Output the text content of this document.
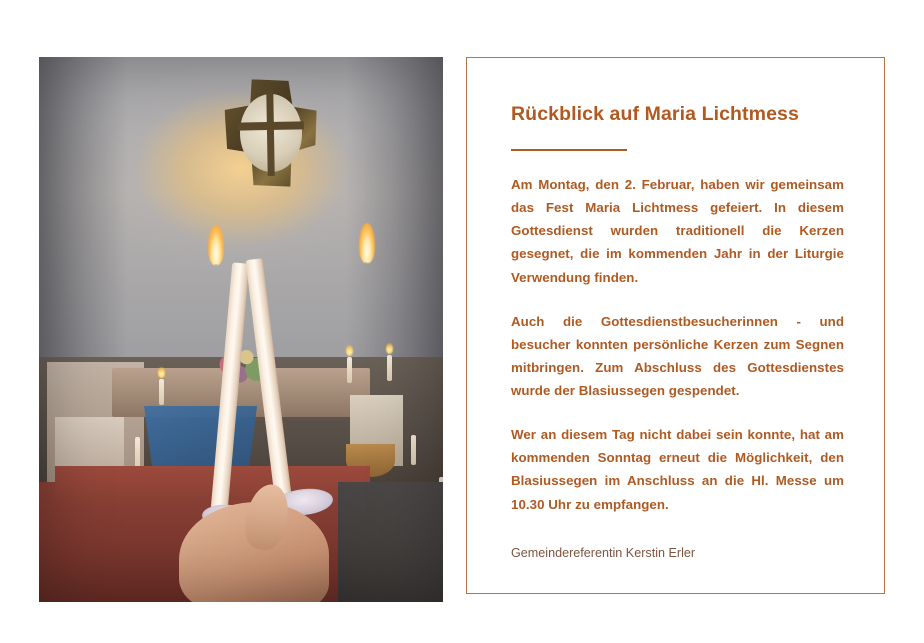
Rückblick auf Maria Lichtmess

Am Montag, den 2. Februar, haben wir gemeinsam das Fest Maria Lichtmess gefeiert. In diesem Gottesdienst wurden traditionell die Kerzen gesegnet, die im kommenden Jahr in der Liturgie Verwendung finden.

Auch die Gottesdienstbesucherinnen - und besucher konnten persönliche Kerzen zum Segnen mitbringen. Zum Abschluss des Gottesdienstes wurde der Blasiussegen gespendet.

Wer an diesem Tag nicht dabei sein konnte, hat am kommenden Sonntag erneut die Möglichkeit, den Blasiussegen im Anschluss an die Hl. Messe um 10.30 Uhr zu empfangen.

Gemeindereferentin Kerstin Erler
